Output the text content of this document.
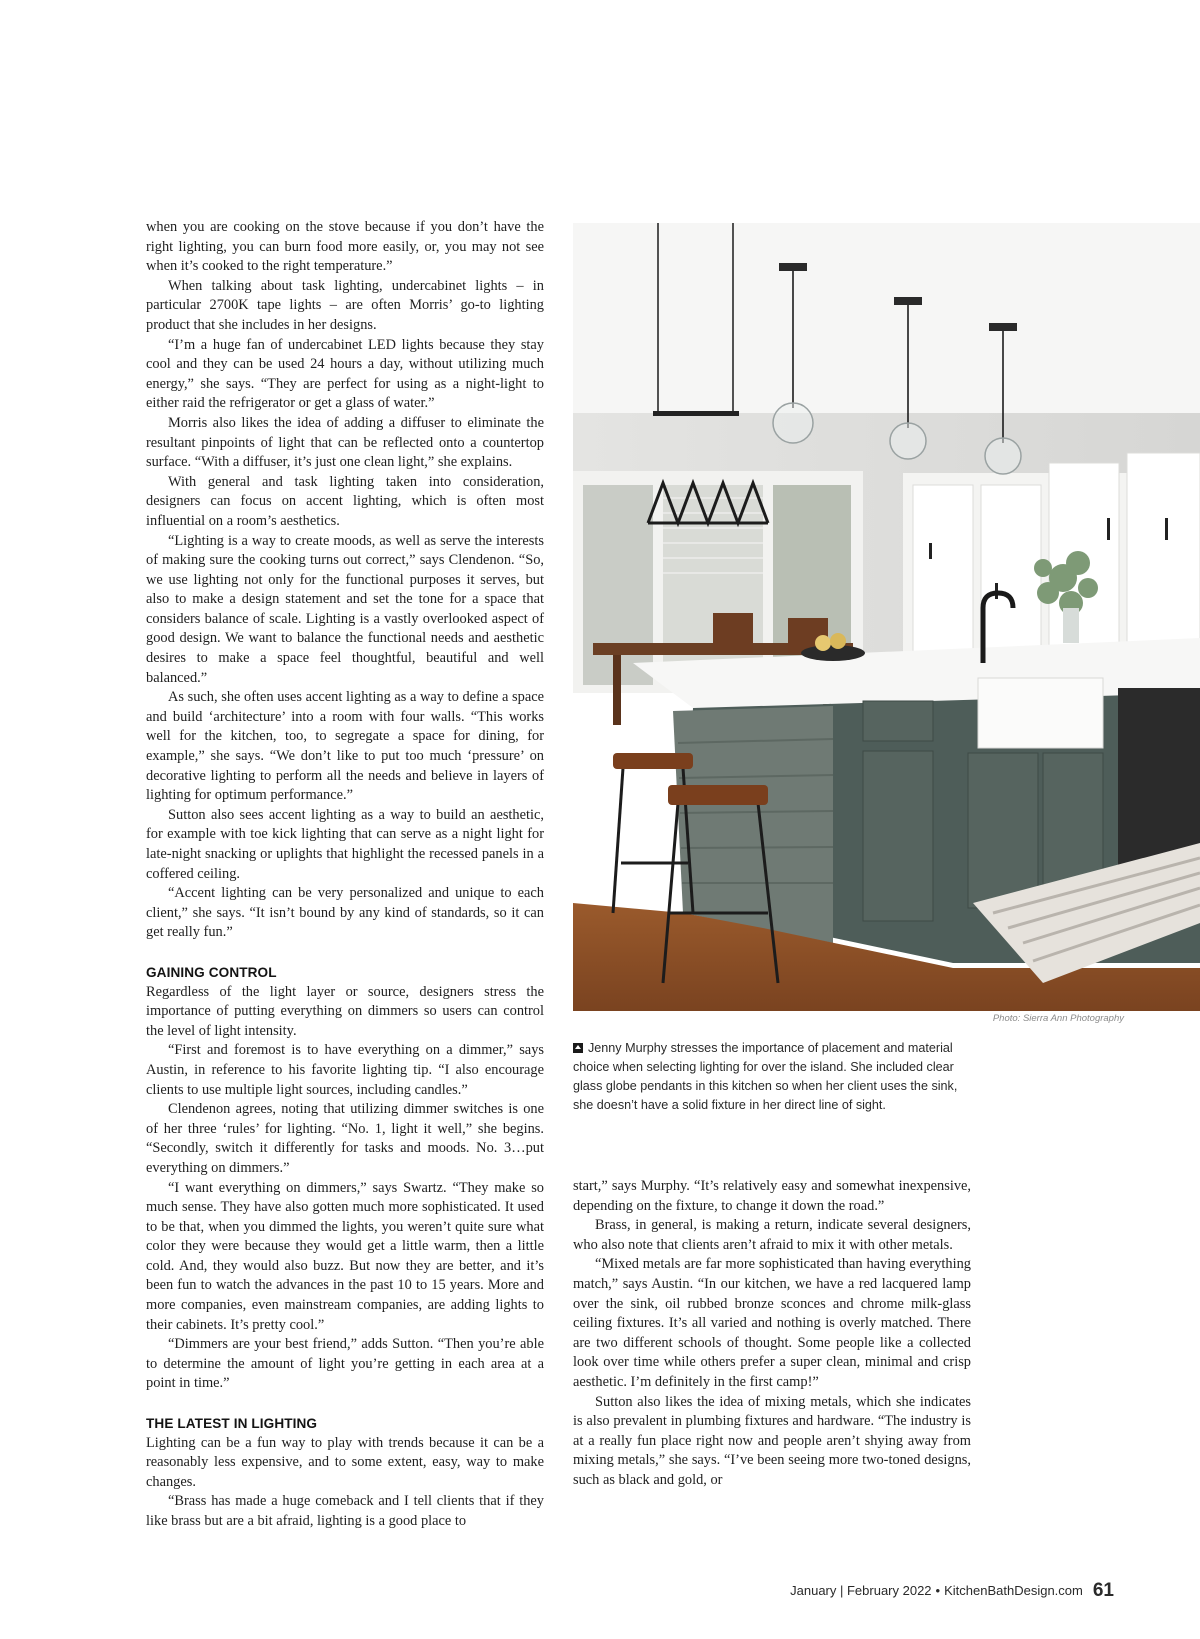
when you are cooking on the stove because if you don’t have the right lighting, you can burn food more easily, or, you may not see when it’s cooked to the right temperature.”

When talking about task lighting, undercabinet lights – in particular 2700K tape lights – are often Morris’ go-to lighting product that she includes in her designs.

“I’m a huge fan of undercabinet LED lights because they stay cool and they can be used 24 hours a day, without utilizing much energy,” she says. “They are perfect for using as a night-light to either raid the refrigerator or get a glass of water.”

Morris also likes the idea of adding a diffuser to eliminate the resultant pinpoints of light that can be reflected onto a countertop surface. “With a diffuser, it’s just one clean light,” she explains.

With general and task lighting taken into consideration, designers can focus on accent lighting, which is often most influential on a room’s aesthetics.

“Lighting is a way to create moods, as well as serve the interests of making sure the cooking turns out correct,” says Clendenon. “So, we use lighting not only for the functional purposes it serves, but also to make a design statement and set the tone for a space that considers balance of scale. Lighting is a vastly overlooked aspect of good design. We want to balance the functional needs and aesthetic desires to make a space feel thoughtful, beautiful and well balanced.”

As such, she often uses accent lighting as a way to define a space and build ‘architecture’ into a room with four walls. “This works well for the kitchen, too, to segregate a space for dining, for example,” she says. “We don’t like to put too much ‘pressure’ on decorative lighting to perform all the needs and believe in layers of lighting for optimum performance.”

Sutton also sees accent lighting as a way to build an aesthetic, for example with toe kick lighting that can serve as a night light for late-night snacking or uplights that highlight the recessed panels in a coffered ceiling.

“Accent lighting can be very personalized and unique to each client,” she says. “It isn’t bound by any kind of standards, so it can get really fun.”

GAINING CONTROL

Regardless of the light layer or source, designers stress the importance of putting everything on dimmers so users can control the level of light intensity.

“First and foremost is to have everything on a dimmer,” says Austin, in reference to his favorite lighting tip. “I also encourage clients to use multiple light sources, including candles.”

Clendenon agrees, noting that utilizing dimmer switches is one of her three ‘rules’ for lighting. “No. 1, light it well,” she begins. “Secondly, switch it differently for tasks and moods. No. 3…put everything on dimmers.”

“I want everything on dimmers,” says Swartz. “They make so much sense. They have also gotten much more sophisticated. It used to be that, when you dimmed the lights, you weren’t quite sure what color they were because they would get a little warm, then a little cold. And, they would also buzz. But now they are better, and it’s been fun to watch the advances in the past 10 to 15 years. More and more companies, even mainstream companies, are adding lights to their cabinets. It’s pretty cool.”

“Dimmers are your best friend,” adds Sutton. “Then you’re able to determine the amount of light you’re getting in each area at a point in time.”

THE LATEST IN LIGHTING

Lighting can be a fun way to play with trends because it can be a reasonably less expensive, and to some extent, easy, way to make changes.

“Brass has made a huge comeback and I tell clients that if they like brass but are a bit afraid, lighting is a good place to

Photo: Sierra Ann Photography
Jenny Murphy stresses the importance of placement and material choice when selecting lighting for over the island. She included clear glass globe pendants in this kitchen so when her client uses the sink, she doesn’t have a solid fixture in her direct line of sight.

start,” says Murphy. “It’s relatively easy and somewhat inexpensive, depending on the fixture, to change it down the road.”

Brass, in general, is making a return, indicate several designers, who also note that clients aren’t afraid to mix it with other metals.

“Mixed metals are far more sophisticated than having everything match,” says Austin. “In our kitchen, we have a red lacquered lamp over the sink, oil rubbed bronze sconces and chrome milk-glass ceiling fixtures. It’s all varied and nothing is overly matched. There are two different schools of thought. Some people like a collected look over time while others prefer a super clean, minimal and crisp aesthetic. I’m definitely in the first camp!”

Sutton also likes the idea of mixing metals, which she indicates is also prevalent in plumbing fixtures and hardware. “The industry is at a really fun place right now and people aren’t shying away from mixing metals,” she says. “I’ve been seeing more two-toned designs, such as black and gold, or

January | February 2022 • KitchenBathDesign.com 61
